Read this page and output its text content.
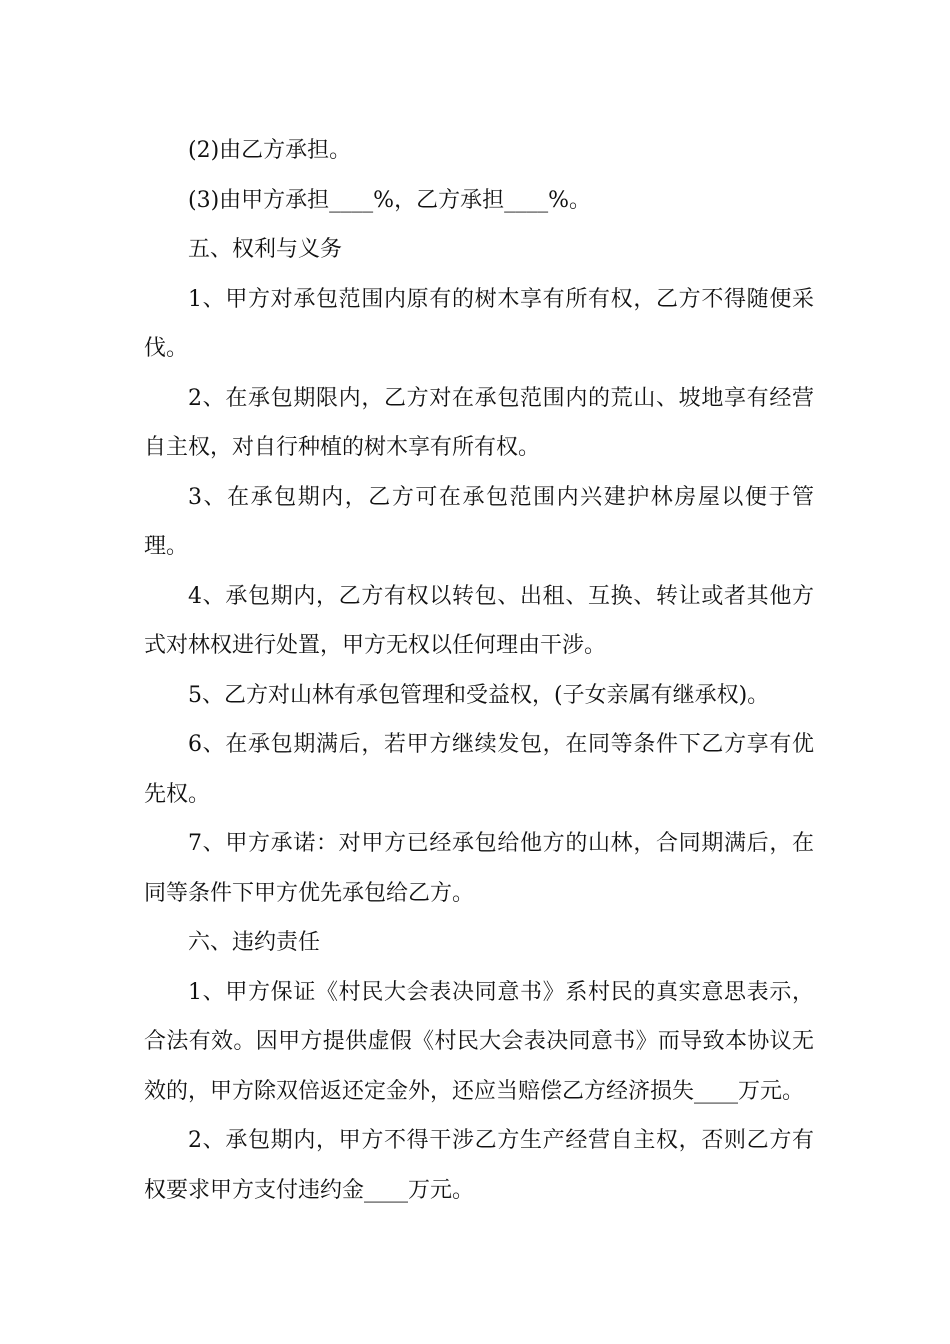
(2)由乙方承担。

(3)由甲方承担____%，乙方承担____%。

五、权利与义务

1、甲方对承包范围内原有的树木享有所有权，乙方不得随便采伐。

2、在承包期限内，乙方对在承包范围内的荒山、坡地享有经营自主权，对自行种植的树木享有所有权。

3、在承包期内，乙方可在承包范围内兴建护林房屋以便于管理。

4、承包期内，乙方有权以转包、出租、互换、转让或者其他方式对林权进行处置，甲方无权以任何理由干涉。

5、乙方对山林有承包管理和受益权，(子女亲属有继承权)。

6、在承包期满后，若甲方继续发包，在同等条件下乙方享有优先权。

7、甲方承诺：对甲方已经承包给他方的山林，合同期满后，在同等条件下甲方优先承包给乙方。

六、违约责任

1、甲方保证《村民大会表决同意书》系村民的真实意思表示，合法有效。因甲方提供虚假《村民大会表决同意书》而导致本协议无效的，甲方除双倍返还定金外，还应当赔偿乙方经济损失____万元。

2、承包期内，甲方不得干涉乙方生产经营自主权，否则乙方有权要求甲方支付违约金____万元。
